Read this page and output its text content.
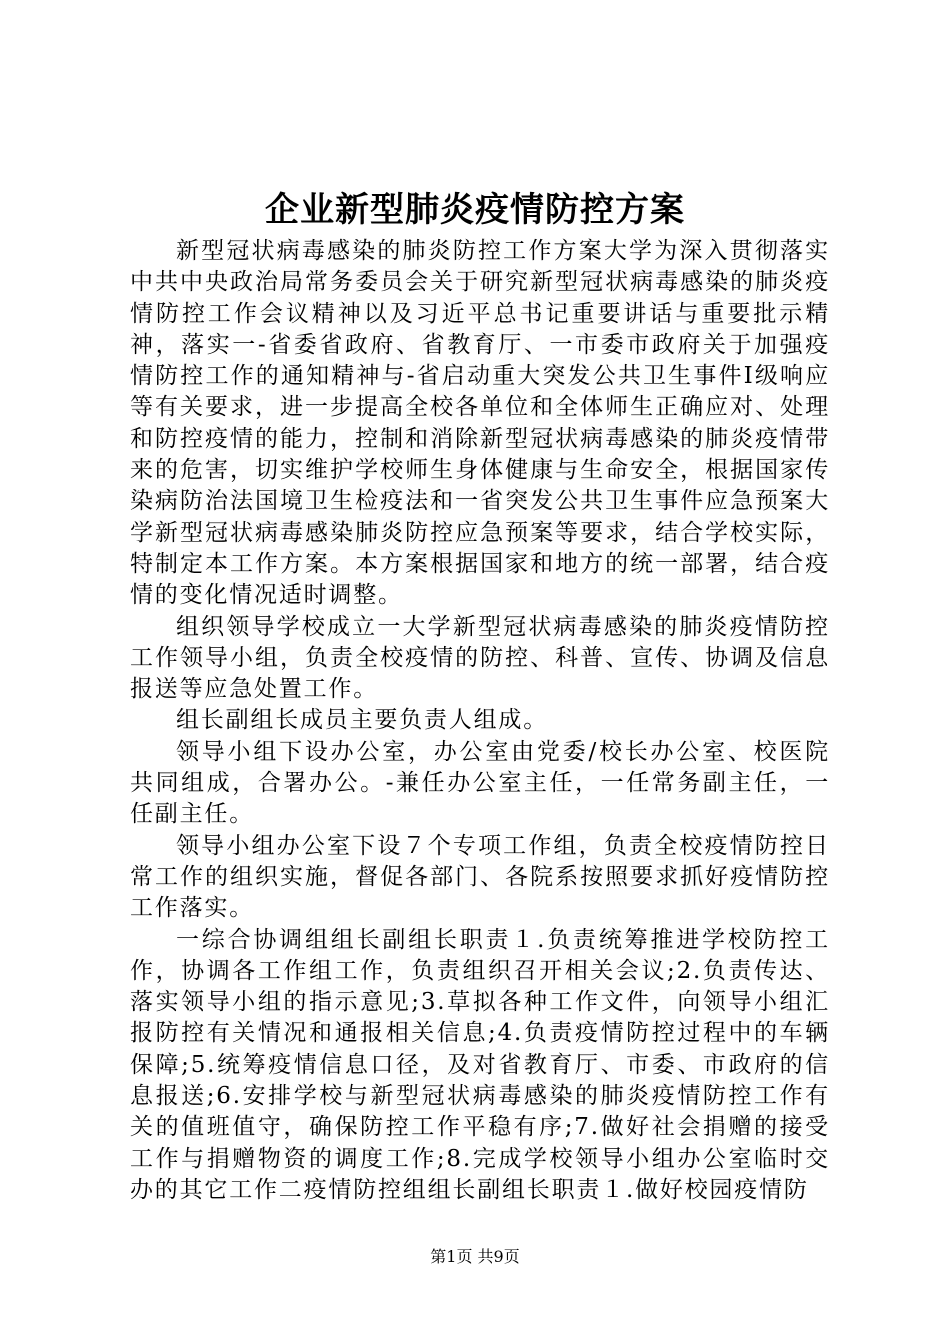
企业新型肺炎疫情防控方案

新型冠状病毒感染的肺炎防控工作方案大学为深入贯彻落实中共中央政治局常务委员会关于研究新型冠状病毒感染的肺炎疫情防控工作会议精神以及习近平总书记重要讲话与重要批示精神，落实一-省委省政府、省教育厅、一市委市政府关于加强疫情防控工作的通知精神与-省启动重大突发公共卫生事件Ⅰ级响应等有关要求，进一步提高全校各单位和全体师生正确应对、处理和防控疫情的能力，控制和消除新型冠状病毒感染的肺炎疫情带来的危害，切实维护学校师生身体健康与生命安全，根据国家传染病防治法国境卫生检疫法和一省突发公共卫生事件应急预案大学新型冠状病毒感染肺炎防控应急预案等要求，结合学校实际，特制定本工作方案。本方案根据国家和地方的统一部署，结合疫情的变化情况适时调整。

组织领导学校成立一大学新型冠状病毒感染的肺炎疫情防控工作领导小组，负责全校疫情的防控、科普、宣传、协调及信息报送等应急处置工作。

组长副组长成员主要负责人组成。

领导小组下设办公室，办公室由党委/校长办公室、校医院共同组成，合署办公。-兼任办公室主任，一任常务副主任，一任副主任。

领导小组办公室下设７个专项工作组，负责全校疫情防控日常工作的组织实施，督促各部门、各院系按照要求抓好疫情防控工作落实。

一综合协调组组长副组长职责１.负责统筹推进学校防控工作，协调各工作组工作，负责组织召开相关会议;2.负责传达、落实领导小组的指示意见;3.草拟各种工作文件，向领导小组汇报防控有关情况和通报相关信息;4.负责疫情防控过程中的车辆保障;5.统筹疫情信息口径，及对省教育厅、市委、市政府的信息报送;6.安排学校与新型冠状病毒感染的肺炎疫情防控工作有关的值班值守，确保防控工作平稳有序;7.做好社会捐赠的接受工作与捐赠物资的调度工作;8.完成学校领导小组办公室临时交办的其它工作二疫情防控组组长副组长职责１.做好校园疫情防

第1页 共9页
